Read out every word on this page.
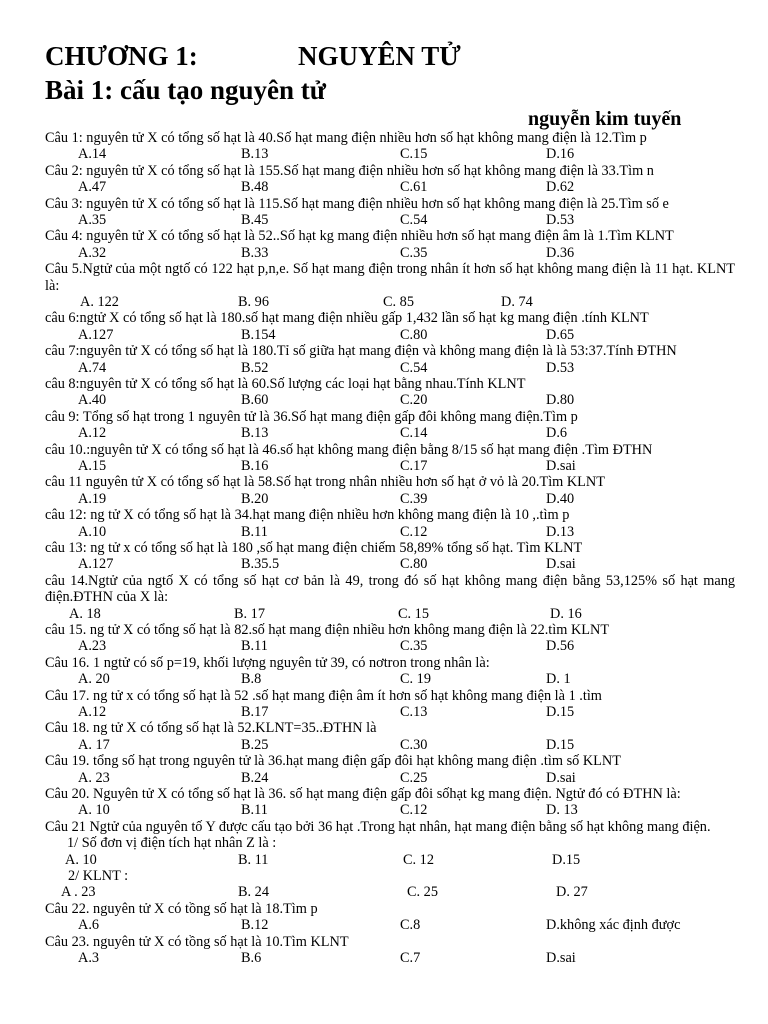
CHƯƠNG 1:	NGUYÊN TỬ
Bài 1: cấu tạo nguyên tử
nguyễn kim tuyến
Câu 1: nguyên tử X có tổng số hạt là 40.Số hạt mang điện nhiều hơn số hạt không mang điện là 12.Tìm p
A.14	B.13	C.15	D.16
Câu 2: nguyên tử X có tổng số hạt là 155.Số hạt mang điện nhiều hơn số hạt không mang điện là 33.Tìm n
A.47	B.48	C.61	D.62
Câu 3: nguyên tử X có tổng số hạt là 115.Số hạt mang điện nhiều hơn số hạt không mang điện là 25.Tìm số e
A.35	B.45	C.54	D.53
Câu 4: nguyên tử X có tổng số hạt là 52..Số hạt kg mang điện nhiều hơn số hạt mang điện âm là 1.Tìm KLNT
A.32	B.33	C.35	D.36
Câu 5.Ngtử của một ngtố có 122 hạt p,n,e. Số hạt mang điện trong nhân ít hơn số hạt không mang điện là 11 hạt. KLNT là:
A. 122	B. 96	C. 85	D. 74
câu 6:ngtử X có tổng số hạt là 180.số hạt mang điện nhiều gấp 1,432 lần số hạt kg mang điện .tính KLNT
A.127	B.154	C.80	D.65
câu 7:nguyên tử X có tổng số hạt là 180.Tỉ số giữa hạt mang điện và không mang điện là là 53:37.Tính ĐTHN
A.74	B.52	C.54	D.53
câu 8:nguyên tử X có tổng số hạt là 60.Số lượng các loại hạt bằng nhau.Tính KLNT
A.40	B.60	C.20	D.80
câu 9: Tổng số hạt trong 1 nguyên tử là 36.Số hạt mang điện gấp đôi không mang điện.Tìm p
A.12	B.13	C.14	D.6
câu 10.:nguyên tử X có tổng số hạt là 46.số hạt không mang điện bằng 8/15 số hạt mang điện .Tìm ĐTHN
A.15	B.16	C.17	D.sai
câu 11 nguyên tử X có tổng số hạt là 58.Số hạt trong nhân nhiều hơn số hạt ở vỏ là 20.Tìm KLNT
A.19	B.20	C.39	D.40
câu 12: ng tử X có tổng số hạt là 34.hạt mang điện nhiều hơn không mang điện là 10 ,.tìm p
A.10	B.11	C.12	D.13
câu 13: ng tử x có tổng số hạt là 180 ,số hạt mang điện chiếm 58,89% tổng số hạt. Tìm KLNT
A.127	B.35.5	C.80	D.sai
câu 14.Ngtử của ngtố X có tổng số hạt cơ bản là 49, trong đó số hạt không mang điện bằng 53,125% số hạt mang điện.ĐTHN của X là:
A. 18	B. 17	C. 15	D. 16
câu 15. ng tử X có tổng số hạt là 82.số hạt mang điện nhiều hơn không mang điện là 22.tìm KLNT
A.23	B.11	C.35	D.56
Câu 16. 1 ngtử có số p=19, khối lượng nguyên tử 39, có nơtron trong nhân là:
A. 20	B.8	C. 19	D. 1
Câu 17. ng tử x có tổng số hạt là 52 .số hạt mang điện âm ít hơn số hạt không mang điện là 1 .tìm
A.12	B.17	C.13	D.15
Câu 18. ng tử X có tổng số hạt là 52.KLNT=35..ĐTHN là
A. 17	B.25	C.30	D.15
Câu 19. tổng số hạt trong nguyên tử là 36.hạt mang điện gấp đôi hạt không mang điện .tìm số KLNT
A. 23	B.24	C.25	D.sai
Câu 20. Nguyên tử X có tổng số hạt là 36. số hạt mang điện gấp đôi sốhạt kg mang điện. Ngtử đó có ĐTHN là:
A. 10	B.11	C.12	D. 13
Câu 21 Ngtử của nguyên tố Y được cấu tạo bởi 36 hạt .Trong hạt nhân, hạt mang điện bằng số hạt không mang điện.
1/ Số đơn vị điện tích hạt nhân Z là :
A. 10	B. 11	C. 12	D.15
2/ KLNT :
A . 23	B. 24	C. 25	D. 27
Câu 22. nguyên tử X có tồng số hạt là 18.Tìm p
A.6	B.12	C.8	D.không xác định được
Câu 23. nguyên tử X có tồng số hạt là 10.Tìm KLNT
A.3	B.6	C.7	D.sai
